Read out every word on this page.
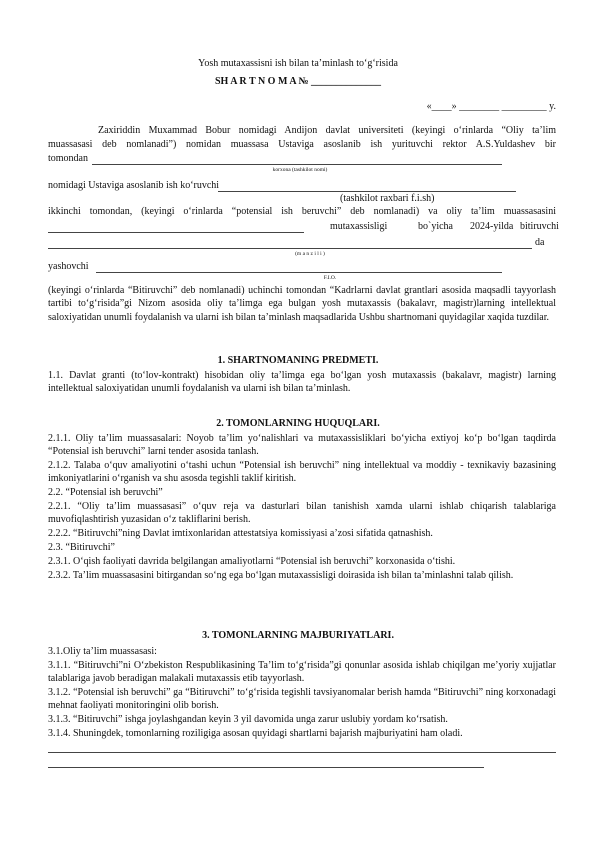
Yosh mutaxassisni ish bilan ta’minlash to‘g‘risida
SH A R T N O M A № ______________
«____» ________ _________ y.
Zaxiriddin Muxammad Bobur nomidagi Andijon davlat universiteti (keyingi o‘rinlarda “Oliy ta’lim
muassasasi deb nomlanadi”) nomidan muassasa Ustaviga asoslanib ish yurituvchi rektor A.S.Yuldashev bir
tomondan
korxona (tashkilot nomi)
nomidagi Ustaviga asoslanib ish ko‘ruvchi
(tashkilot raxbari f.i.sh)
ikkinchi tomondan, (keyingi o‘rinlarda “potensial ish beruvchi” deb nomlanadi) va oliy ta’lim muassasasini
mutaxassisligi	bo`yicha 2024-yilda bitiruvchi
da
(m a n z i l i )
yashovchi
F.I.O.
(keyingi o‘rinlarda “Bitiruvchi” deb nomlanadi) uchinchi tomondan “Kadrlarni davlat grantlari asosida maqsadli tayyorlash tartibi to‘g‘risida”gi Nizom asosida oliy ta’limga ega bulgan yosh mutaxassis (bakalavr, magistr)larning intellektual saloxiyatidan unumli foydalanish va ularni ish bilan ta’minlash maqsadlarida Ushbu shartnomani quyidagilar xaqida tuzdilar.
1. SHARTNOMANING PREDMETI.
1.1. Davlat granti (to‘lov-kontrakt) hisobidan oliy ta’limga ega bo‘lgan yosh mutaxassis (bakalavr, magistr) larning intellektual saloxiyatidan unumli foydalanish va ularni ish bilan ta’minlash.
2. TOMONLARNING HUQUQLARI.
2.1.1. Oliy ta’lim muassasalari: Noyob ta’lim yo‘nalishlari va mutaxassisliklari bo‘yicha extiyoj ko‘p bo‘lgan taqdirda “Potensial ish beruvchi” larni tender asosida tanlash.
2.1.2. Talaba o‘quv amaliyotini o‘tashi uchun “Potensial ish beruvchi” ning intellektual va moddiy - texnikaviy bazasining imkoniyatlarini o‘rganish va shu asosda tegishli taklif kiritish.
2.2. “Potensial ish beruvchi”
2.2.1. “Oliy ta’lim muassasasi” o‘quv reja va dasturlari bilan tanishish xamda ularni ishlab chiqarish talablariga muvofiqlashtirish yuzasidan o‘z takliflarini berish.
2.2.2. “Bitiruvchi”ning Davlat imtixonlaridan attestatsiya komissiyasi a’zosi sifatida qatnashish.
2.3. “Bitiruvchi”
2.3.1. O‘qish faoliyati davrida belgilangan amaliyotlarni “Potensial ish beruvchi” korxonasida o‘tishi.
2.3.2. Ta’lim muassasasini bitirgandan so‘ng ega bo‘lgan mutaxassisligi doirasida ish bilan ta’minlashni talab qilish.
3. TOMONLARNING MAJBURIYATLARI.
3.1.Oliy ta’lim muassasasi:
3.1.1. “Bitiruvchi”ni O‘zbekiston Respublikasining Ta’lim to‘g‘risida”gi qonunlar asosida ishlab chiqilgan me’yoriy xujjatlar talablariga javob beradigan malakali mutaxassis etib tayyorlash.
3.1.2. “Potensial ish beruvchi” ga “Bitiruvchi” to‘g‘risida tegishli tavsiyanomalar berish hamda “Bitiruvchi” ning korxonadagi mehnat faoliyati monitoringini olib borish.
3.1.3. “Bitiruvchi” ishga joylashgandan keyin 3 yil davomida unga zarur uslubiy yordam ko‘rsatish.
3.1.4. Shuningdek, tomonlarning roziligiga asosan quyidagi shartlarni bajarish majburiyatini ham oladi.
